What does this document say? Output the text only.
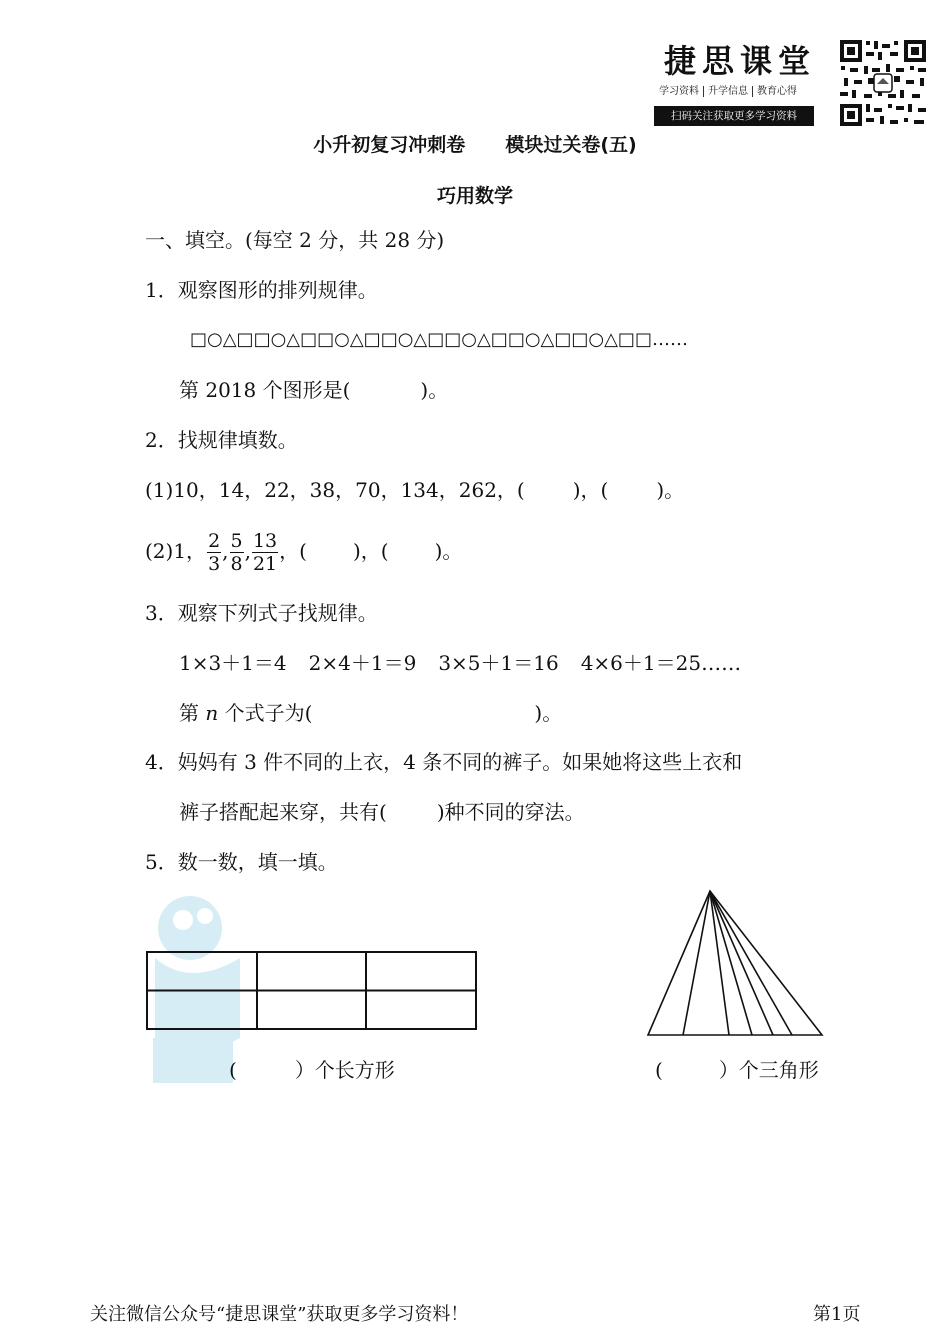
捷思课堂
学习资料 升学信息 教育心得
扫码关注获取更多学习资料
小升初复习冲刺卷 模块过关卷(五)
巧用数学
一、填空。(每空 2 分，共 28 分)
1．观察图形的排列规律。
□○△□□○△□□○△□□○△□□○△□□○△□□○△□□……
第 2018 个图形是(	)。
2．找规律填数。
(1)10，14，22，38，70，134，262，( )，( )。
(2)1， $\frac{2}{3}$ , $\frac{5}{8}$ , $\frac{13}{21}$ ，( )，( )。
3．观察下列式子找规律。
1×3＋1＝4 2×4＋1＝9 3×5＋1＝16 4×6＋1＝25……
第 n 个式子为(	)。
4．妈妈有 3 件不同的上衣，4 条不同的裤子。如果她将这些上衣和
裤子搭配起来穿，共有(	)种不同的穿法。
5．数一数，填一填。
(	）个长方形	(	）个三角形
关注微信公众号“捷思课堂”获取更多学习资料！	第1页
